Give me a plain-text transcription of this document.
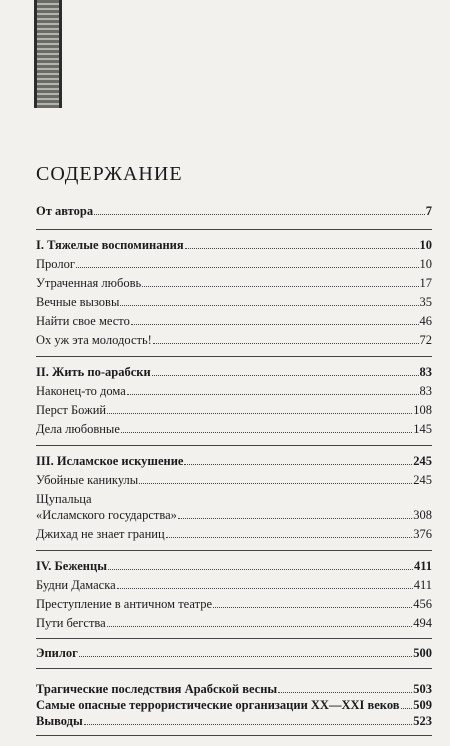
СОДЕРЖАНИЕ
От автора	7
I. Тяжелые воспоминания	10
Пролог	10
Утраченная любовь	17
Вечные вызовы	35
Найти свое место	46
Ох уж эта молодость!	72
II. Жить по-арабски	83
Наконец-то дома	83
Перст Божий	108
Дела любовные	145
III. Исламское искушение	245
Убойные каникулы	245
Щупальца
«Исламского государства»	308
Джихад не знает границ	376
IV. Беженцы	411
Будни Дамаска	411
Преступление в античном театре	456
Пути бегства	494
Эпилог	500
Трагические последствия Арабской весны	503
Самые опасные террористические организации XX—XXI веков 509
Выводы	523
